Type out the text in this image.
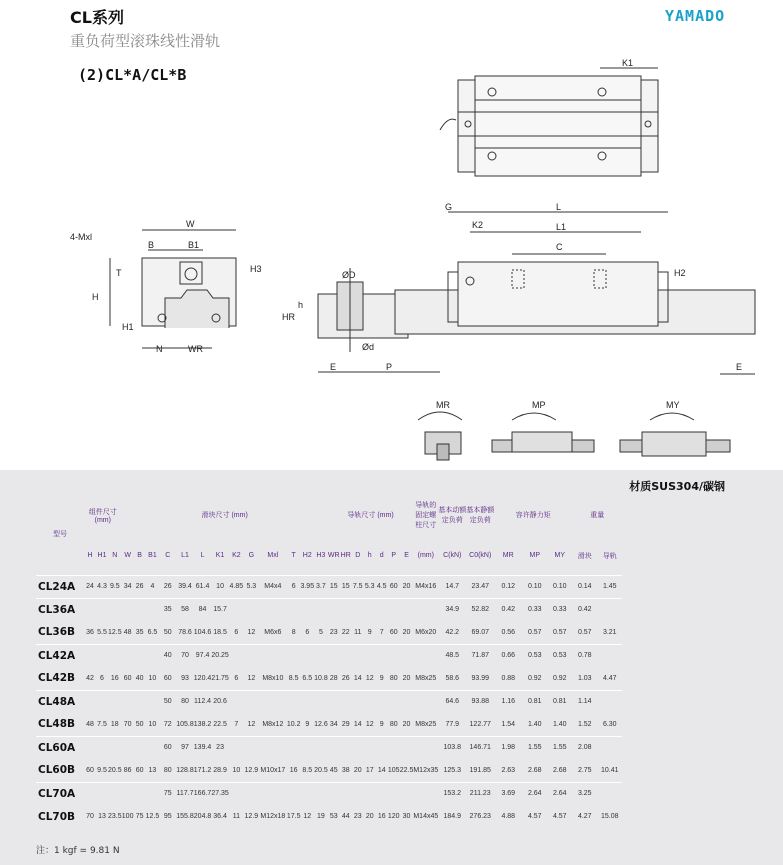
CL系列	YAMADO
重负荷型滚珠线性滑轨
(2)CL*A/CL*B
K1
4-Mxl
W
B	B1
T
H
H1
N	WR
H3
ØD
Ød
h
HR
E	P
G	L
L1
K2
C
H2
E
MR	MP	MY
材质SUS304/碳钢
型号	组件尺寸 (mm)			滑块尺寸 (mm)													导轨尺寸 (mm)							导轨的固定螺柱尺寸	基本动额定负荷	基本静额定负荷	容许静力矩			重量	
	H	H1	N	W	B	B1	C	L1	L	K1	K2	G	Mxl	T	H2	H3	WR	HR	D	h	d	P	E	(mm)	C(kN)	C0(kN)	MR	MP	MY	滑块	导轨
CL24A	24	4.3	9.5	34	26	4	26	39.4	61.4	10	4.85	5.3	M4x4	6	3.95	3.7	15	15	7.5	5.3	4.5	60	20	M4x16	14.7	23.47	0.12	0.10	0.10	0.14	1.45
CL36A							35	58	84	15.7															34.9	52.82	0.42	0.33	0.33	0.42	
CL36B	36	5.5	12.5	48	35	6.5	50	78.6	104.6	18.5	6	12	M6x6	8	6	5	23	22	11	9	7	60	20	M6x20	42.2	69.07	0.56	0.57	0.57	0.57	3.21
CL42A							40	70	97.4	20.25															48.5	71.87	0.66	0.53	0.53	0.78	
CL42B	42	6	16	60	40	10	60	93	120.4	21.75	6	12	M8x10	8.5	6.5	10.8	28	26	14	12	9	80	20	M8x25	58.6	93.99	0.88	0.92	0.92	1.03	4.47
CL48A							50	80	112.4	20.6															64.6	93.88	1.16	0.81	0.81	1.14	
CL48B	48	7.5	18	70	50	10	72	105.8	138.2	22.5	7	12	M8x12	10.2	9	12.6	34	29	14	12	9	80	20	M8x25	77.9	122.77	1.54	1.40	1.40	1.52	6.30
CL60A							60	97	139.4	23															103.8	146.71	1.98	1.55	1.55	2.08	
CL60B	60	9.5	20.5	86	60	13	80	128.8	171.2	28.9	10	12.9	M10x17	16	8.5	20.5	45	38	20	17	14	105	22.5	M12x35	125.3	191.85	2.63	2.68	2.68	2.75	10.41
CL70A							75	117.7	166.7	27.35															153.2	211.23	3.69	2.64	2.64	3.25	
CL70B	70	13	23.5	100	75	12.5	95	155.8	204.8	36.4	11	12.9	M12x18	17.5	12	19	53	44	23	20	16	120	30	M14x45	184.9	276.23	4.88	4.57	4.57	4.27	15.08
注：1 kgf = 9.81 N
